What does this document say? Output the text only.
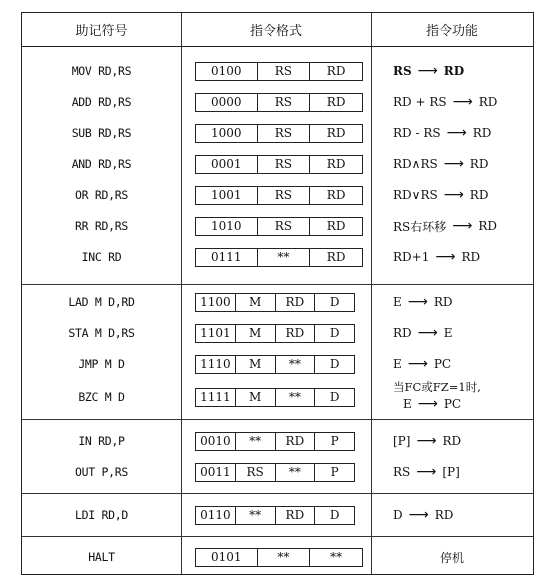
助记符号	指令格式	指令功能
MOV RD,RS	0100	RS	RD	RS ⟶ RD
ADD RD,RS	0000	RS	RD	RD + RS ⟶ RD
SUB RD,RS	1000	RS	RD	RD - RS ⟶ RD
AND RD,RS	0001	RS	RD	RD∧RS ⟶ RD
OR RD,RS	1001	RS	RD	RD∨RS ⟶ RD
RR RD,RS	1010	RS	RD	RS右环移 ⟶ RD
INC RD	0111	**	RD	RD+1 ⟶ RD
LAD M D,RD	1100	M	RD	D	E ⟶ RD
STA M D,RS	1101	M	RD	D	RD ⟶ E
JMP M D	1110	M	**	D	E ⟶ PC
BZC M D	1111	M	**	D
当FC或FZ=1时,
E ⟶ PC
IN RD,P	0010	**	RD	P	[P] ⟶ RD
OUT P,RS	0011	RS	**	P	RS ⟶ [P]
LDI RD,D	0110	**	RD	D	D ⟶ RD
HALT	0101	**	**	停机
